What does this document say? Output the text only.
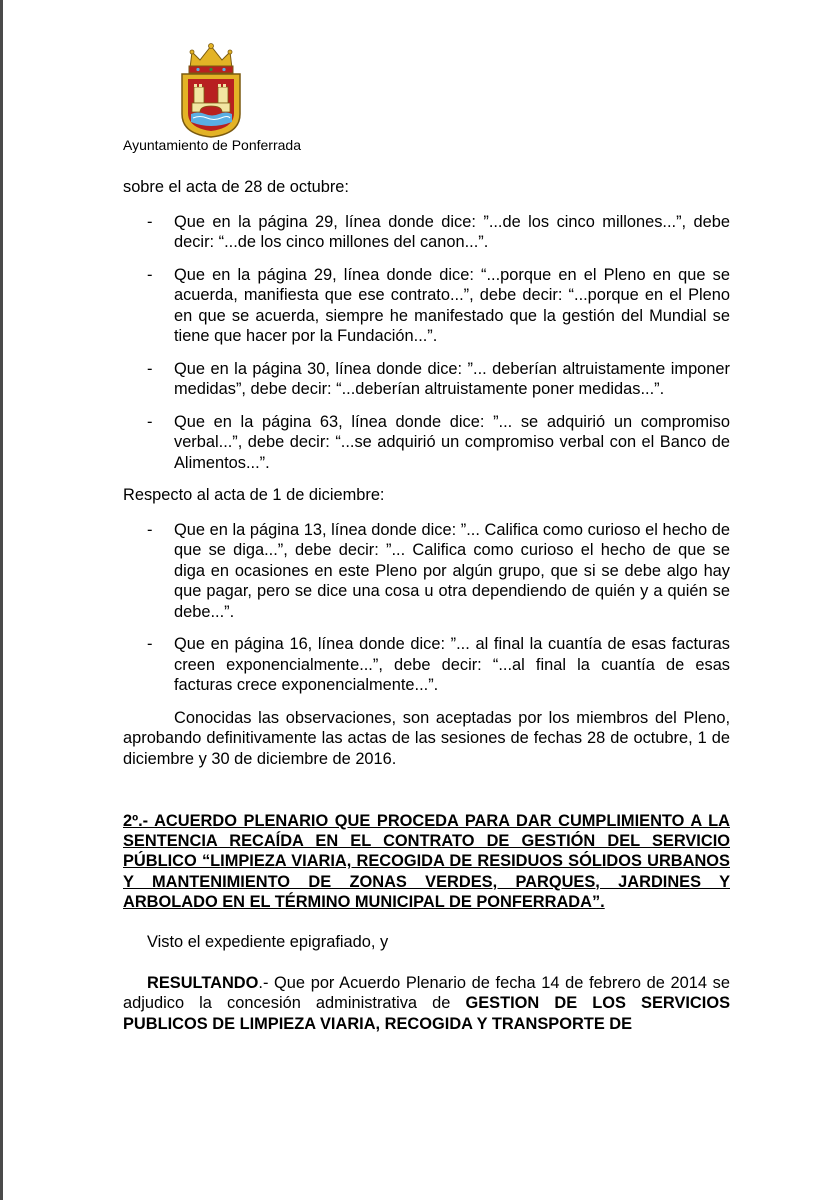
Ayuntamiento de Ponferrada

sobre el acta de 28 de octubre:

- Que en la página 29, línea donde dice: ”...de los cinco millones...”, debe decir: “...de los cinco millones del canon...”.
- Que en la página 29, línea donde dice: “...porque en el Pleno en que se acuerda, manifiesta que ese contrato...”, debe decir: “...porque en el Pleno en que se acuerda, siempre he manifestado que la gestión del Mundial se tiene que hacer por la Fundación...”.
- Que en la página 30, línea donde dice: ”... deberían altruistamente imponer medidas”, debe decir: “...deberían altruistamente poner medidas...”.
- Que en la página 63, línea donde dice: ”... se adquirió un compromiso verbal...”, debe decir: “...se adquirió un compromiso verbal con el Banco de Alimentos...”.

Respecto al acta de 1 de diciembre:

- Que en la página 13, línea donde dice: ”... Califica como curioso el hecho de que se diga...”, debe decir: ”... Califica como curioso el hecho de que se diga en ocasiones en este Pleno por algún grupo, que si se debe algo hay que pagar, pero se dice una cosa u otra dependiendo de quién y a quién se debe...”.
- Que en página 16, línea donde dice: ”... al final la cuantía de esas facturas creen exponencialmente...”, debe decir: “...al final la cuantía de esas facturas crece exponencialmente...”.

Conocidas las observaciones, son aceptadas por los miembros del Pleno, aprobando definitivamente las actas de las sesiones de fechas 28 de octubre, 1 de diciembre y 30 de diciembre de 2016.

2º.- ACUERDO PLENARIO QUE PROCEDA PARA DAR CUMPLIMIENTO A LA SENTENCIA RECAÍDA EN EL CONTRATO DE GESTIÓN DEL SERVICIO PÚBLICO “LIMPIEZA VIARIA, RECOGIDA DE RESIDUOS SÓLIDOS URBANOS Y MANTENIMIENTO DE ZONAS VERDES, PARQUES, JARDINES Y ARBOLADO EN EL TÉRMINO MUNICIPAL DE PONFERRADA”.

Visto el expediente epigrafiado, y

RESULTANDO.- Que por Acuerdo Plenario de fecha 14 de febrero de 2014 se adjudico la concesión administrativa de GESTION DE LOS SERVICIOS PUBLICOS DE LIMPIEZA VIARIA, RECOGIDA Y TRANSPORTE DE
